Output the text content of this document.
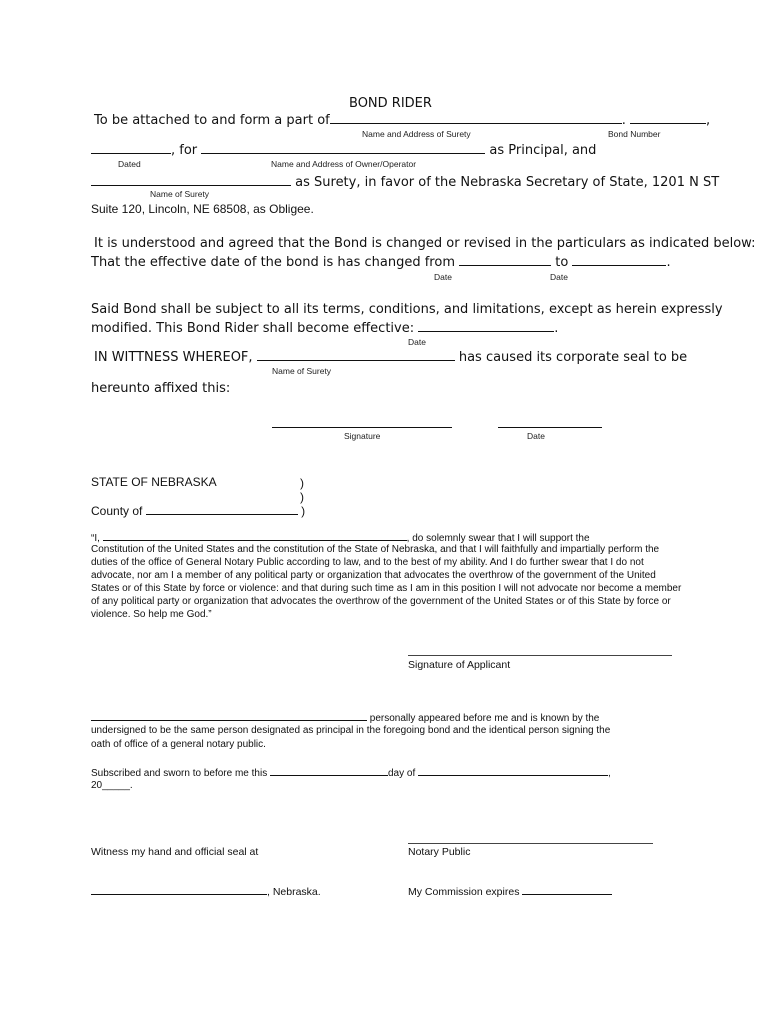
BOND RIDER
To be attached to and form a part of	.	,
Name and Address of Surety	Bond Number
, for	as Principal, and
Dated	Name and Address of Owner/Operator
as Surety, in favor of the Nebraska Secretary of State, 1201 N ST
Name of Surety
Suite 120, Lincoln, NE 68508, as Obligee.
It is understood and agreed that the Bond is changed or revised in the particulars as indicated below:
That the effective date of the bond is has changed from	to	.
Date	Date
Said Bond shall be subject to all its terms, conditions, and limitations, except as herein expressly
modified. This Bond Rider shall become effective:	.
Date
IN WITTNESS WHEREOF,	has caused its corporate seal to be
Name of Surety
hereunto affixed this:
Signature	Date
STATE OF NEBRASKA	)
)
County of	)
“I,	, do solemnly swear that I will support the
Constitution of the United States and the constitution of the State of Nebraska, and that I will faithfully and impartially perform the duties of the office of General Notary Public according to law, and to the best of my ability. And I do further swear that I do not advocate, nor am I a member of any political party or organization that advocates the overthrow of the government of the United States or of this State by force or violence: and that during such time as I am in this position I will not advocate nor become a member of any political party or organization that advocates the overthrow of the government of the United States or of this State by force or violence. So help me God.”
Signature of Applicant
personally appeared before me and is known by the
undersigned to be the same person designated as principal in the foregoing bond and the identical person signing the
oath of office of a general notary public.
Subscribed and sworn to before me this	day of	,
20_____.
Witness my hand and official seal at	Notary Public
, Nebraska.	My Commission expires
